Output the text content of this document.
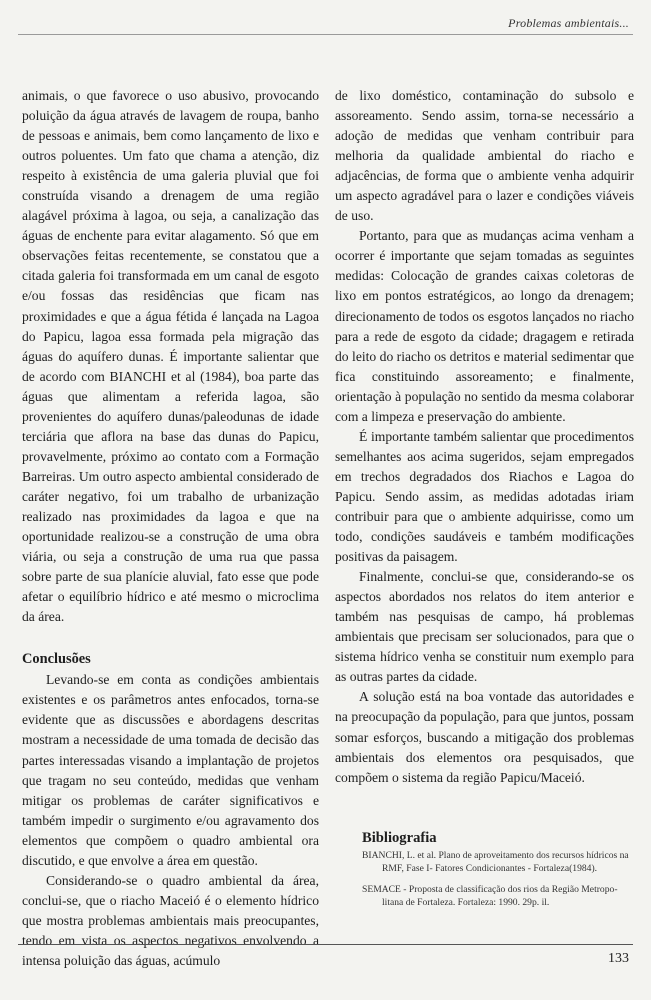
Problemas ambientais...

animais, o que favorece o uso abusivo, provocando poluição da água através de lavagem de roupa, banho de pessoas e animais, bem como lançamento de lixo e outros poluentes. Um fato que chama a atenção, diz respeito à existência de uma galeria pluvial que foi construída visando a drenagem de uma região alagável próxima à lagoa, ou seja, a canalização das águas de enchente para evitar alagamento. Só que em observações feitas recentemente, se constatou que a citada galeria foi transformada em um canal de esgoto e/ou fossas das residências que ficam nas proximidades e que a água fétida é lançada na Lagoa do Papicu, lagoa essa formada pela migração das águas do aquífero dunas. É importante salientar que de acordo com BIANCHI et al (1984), boa parte das águas que alimentam a referida lagoa, são provenientes do aquífero dunas/paleodunas de idade terciária que aflora na base das dunas do Papicu, provavelmente, próximo ao contato com a Formação Barreiras. Um outro aspecto ambiental considerado de caráter negativo, foi um trabalho de urbanização realizado nas proximidades da lagoa e que na oportunidade realizou-se a construção de uma obra viária, ou seja a construção de uma rua que passa sobre parte de sua planície aluvial, fato esse que pode afetar o equilíbrio hídrico e até mesmo o microclima da área.

Conclusões

Levando-se em conta as condições ambientais existentes e os parâmetros antes enfocados, torna-se evidente que as discussões e abordagens descritas mostram a necessidade de uma tomada de decisão das partes interessadas visando a implantação de projetos que tragam no seu conteúdo, medidas que venham mitigar os problemas de caráter significativos e também impedir o surgimento e/ou agravamento dos elementos que compõem o quadro ambiental ora discutido, e que envolve a área em questão.

Considerando-se o quadro ambiental da área, conclui-se, que o riacho Maceió é o elemento hídrico que mostra problemas ambientais mais preocupantes, tendo em vista os aspectos negativos envolvendo a intensa poluição das águas, acúmulo

de lixo doméstico, contaminação do subsolo e assoreamento. Sendo assim, torna-se necessário a adoção de medidas que venham contribuir para melhoria da qualidade ambiental do riacho e adjacências, de forma que o ambiente venha adquirir um aspecto agradável para o lazer e condições viáveis de uso.

Portanto, para que as mudanças acima venham a ocorrer é importante que sejam tomadas as seguintes medidas: Colocação de grandes caixas coletoras de lixo em pontos estratégicos, ao longo da drenagem; direcionamento de todos os esgotos lançados no riacho para a rede de esgoto da cidade; dragagem e retirada do leito do riacho os detritos e material sedimentar que fica constituindo assoreamento; e finalmente, orientação à população no sentido da mesma colaborar com a limpeza e preservação do ambiente.

É importante também salientar que procedimentos semelhantes aos acima sugeridos, sejam empregados em trechos degradados dos Riachos e Lagoa do Papicu. Sendo assim, as medidas adotadas iriam contribuir para que o ambiente adquirisse, como um todo, condições saudáveis e também modificações positivas da paisagem.

Finalmente, conclui-se que, considerando-se os aspectos abordados nos relatos do item anterior e também nas pesquisas de campo, há problemas ambientais que precisam ser solucionados, para que o sistema hídrico venha se constituir num exemplo para as outras partes da cidade.

A solução está na boa vontade das autoridades e na preocupação da população, para que juntos, possam somar esforços, buscando a mitigação dos problemas ambientais dos elementos ora pesquisados, que compõem o sistema da região Papicu/Maceió.

Bibliografia

BIANCHI, L. et al. Plano de aproveitamento dos recursos hídricos na RMF, Fase I- Fatores Condicionantes - Fortaleza(1984).

SEMACE - Proposta de classificação dos rios da Região Metropolitana de Fortaleza. Fortaleza: 1990. 29p. il.

133
